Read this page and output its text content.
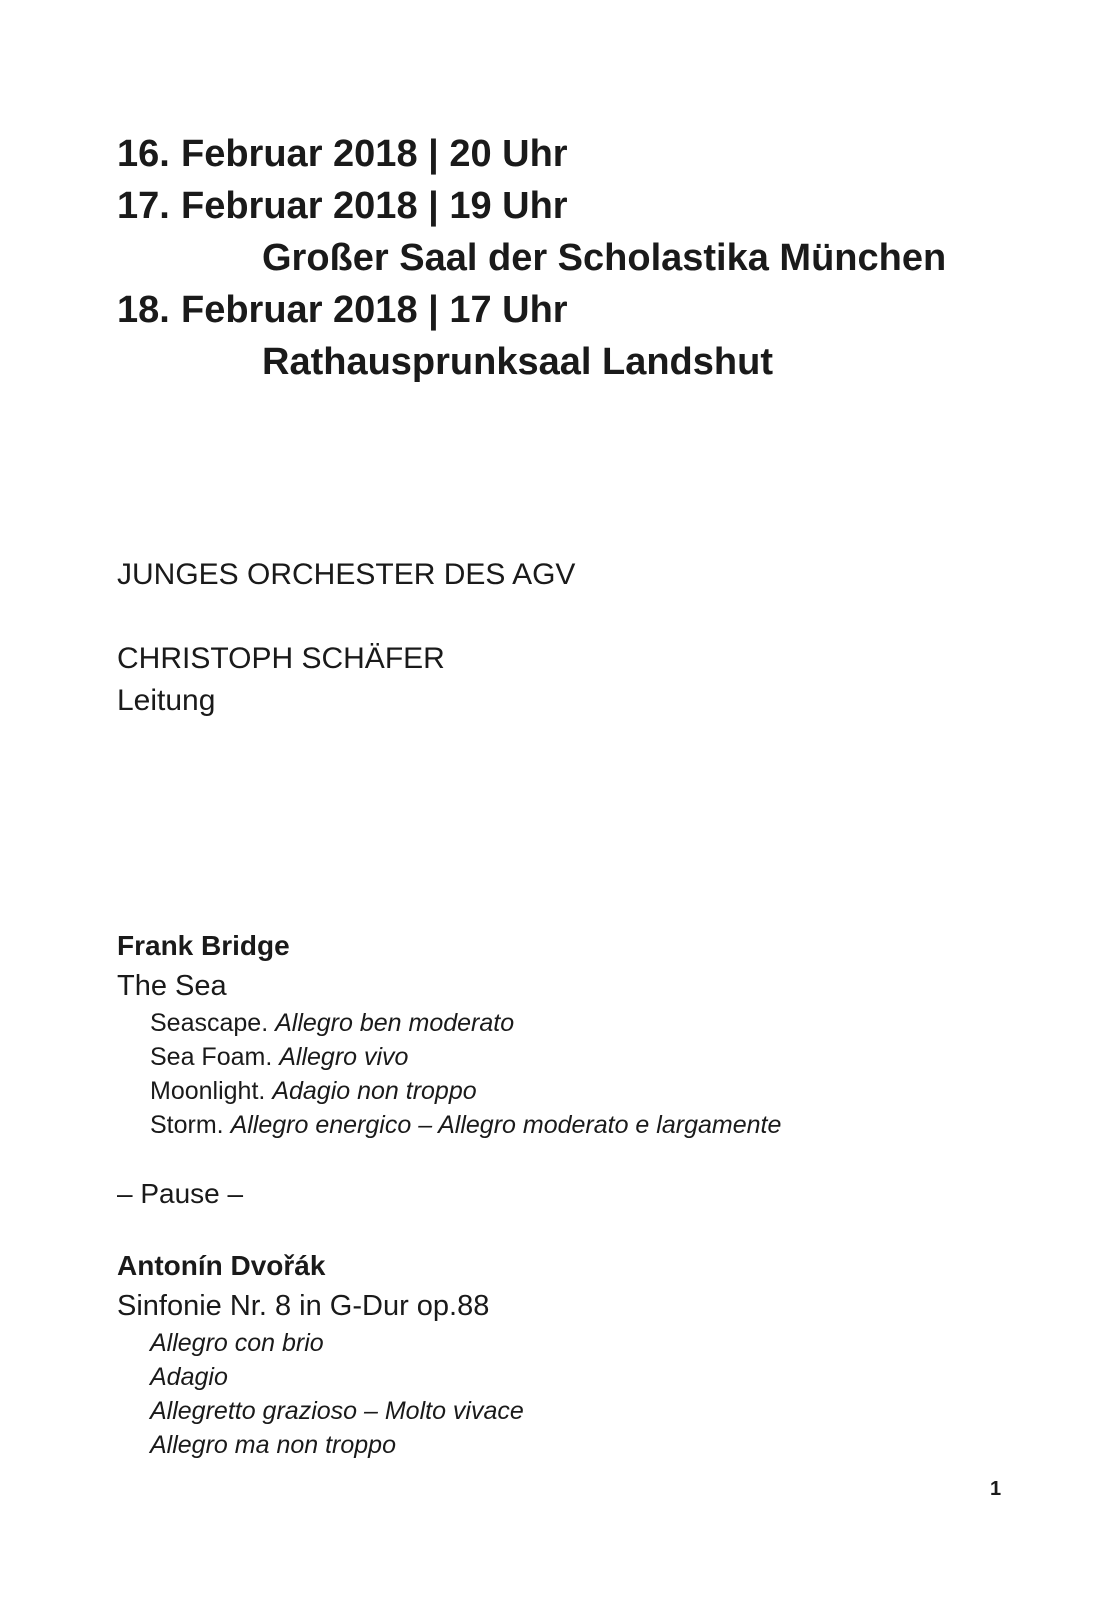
16. Februar 2018 | 20 Uhr
17. Februar 2018 | 19 Uhr
Großer Saal der Scholastika München
18. Februar 2018 | 17 Uhr
Rathausprunksaal Landshut
JUNGES ORCHESTER DES AGV
CHRISTOPH SCHÄFER
Leitung
Frank Bridge
The Sea
Seascape. Allegro ben moderato
Sea Foam. Allegro vivo
Moonlight. Adagio non troppo
Storm. Allegro energico – Allegro moderato e largamente
– Pause –
Antonín Dvořák
Sinfonie Nr. 8 in G-Dur op.88
Allegro con brio
Adagio
Allegretto grazioso – Molto vivace
Allegro ma non troppo
1
